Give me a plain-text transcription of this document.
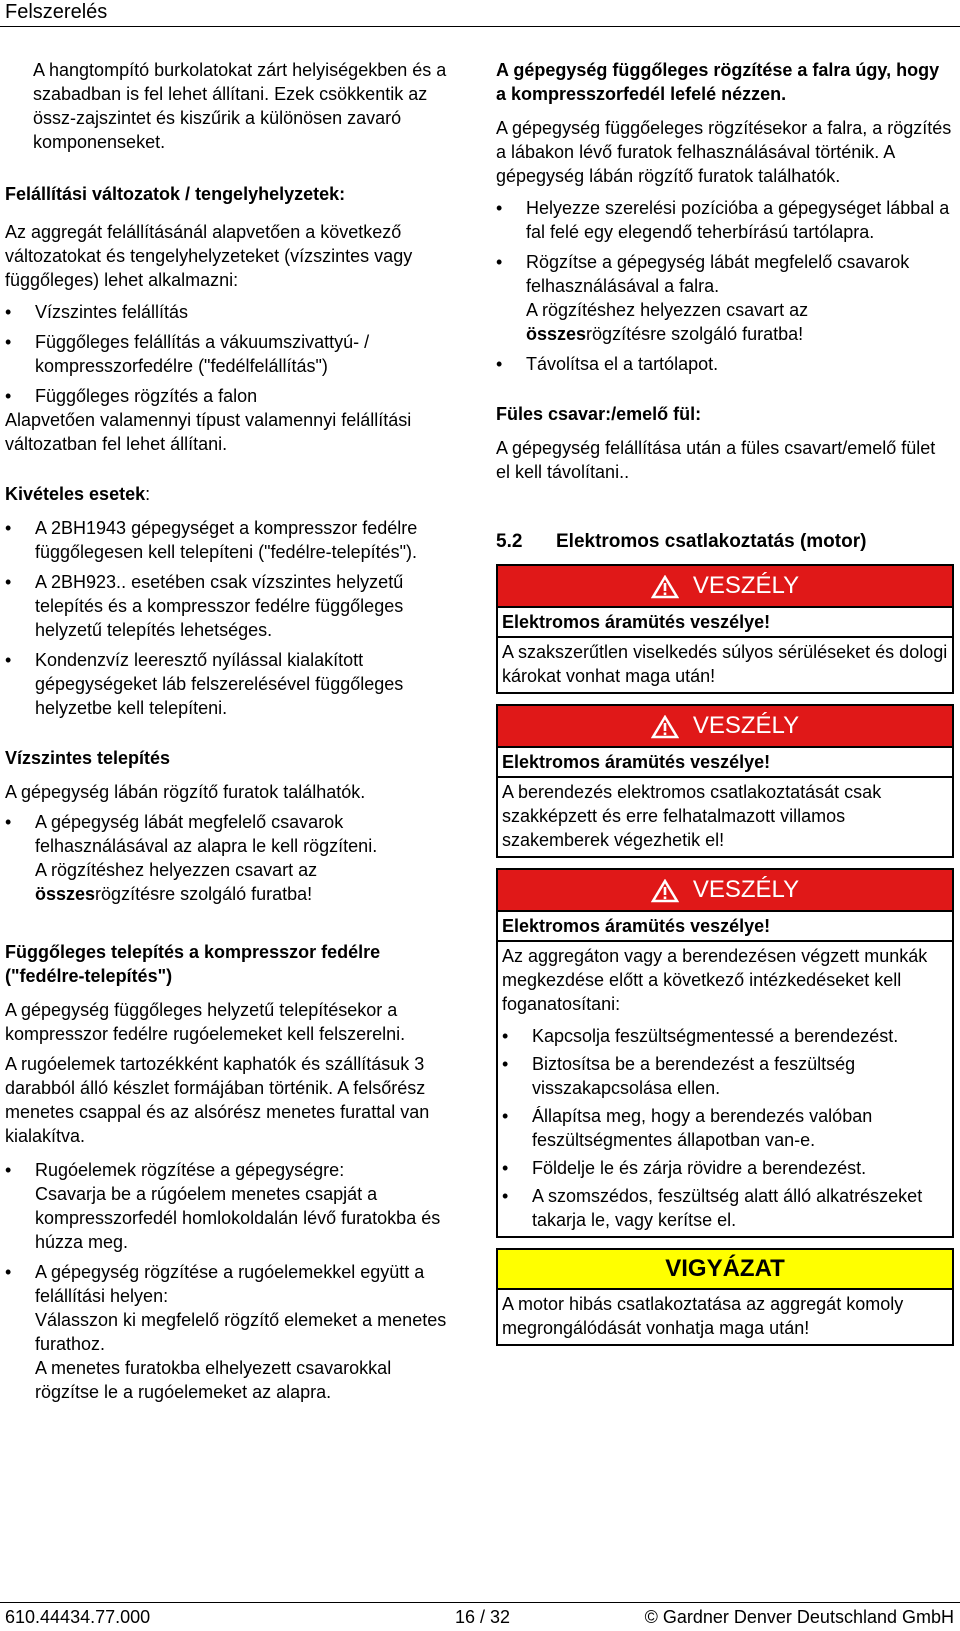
Felszerelés

A hangtompító burkolatokat zárt helyiségekben és a szabadban is fel lehet állítani. Ezek csökkentik az össz-zajszintet és kiszűrik a különösen zavaró komponenseket.

Felállítási változatok / tengelyhelyzetek:

Az aggregát felállításánál alapvetően a következő változatokat és tengelyhelyzeteket (vízszintes vagy függőleges) lehet alkalmazni:

• Vízszintes felállítás
• Függőleges felállítás a vákuumszivattyú- / kompresszorfedélre ("fedélfelállítás")
• Függőleges rögzítés a falon

Alapvetően valamennyi típust valamennyi felállítási változatban fel lehet állítani.

Kivételes esetek:

• A 2BH1943 gépegységet a kompresszor fedélre függőlegesen kell telepíteni ("fedélre-telepítés").
• A 2BH923.. esetében csak vízszintes helyzetű telepítés és a kompresszor fedélre függőleges helyzetű telepítés lehetséges.
• Kondenzvíz leeresztő nyílással kialakított gépegységeket láb felszerelésével függőleges helyzetbe kell telepíteni.

Vízszintes telepítés

A gépegység lábán rögzítő furatok találhatók.

• A gépegység lábát megfelelő csavarok felhasználásával az alapra le kell rögzíteni.
A rögzítéshez helyezzen csavart az
összesrögzítésre szolgáló furatba!

Függőleges telepítés a kompresszor fedélre ("fedélre-telepítés")

A gépegység függőleges helyzetű telepítésekor a kompresszor fedélre rugóelemeket kell felszerelni.

A rugóelemek tartozékként kaphatók és szállításuk 3 darabból álló készlet formájában történik. A felsőrész menetes csappal és az alsórész menetes furattal van kialakítva.

• Rugóelemek rögzítése a gépegységre:
Csavarja be a rúgóelem menetes csapját a kompresszorfedél homlokoldalán lévő furatokba és húzza meg.
• A gépegység rögzítése a rugóelemekkel együtt a felállítási helyen:
Válasszon ki megfelelő rögzítő elemeket a menetes furathoz.
A menetes furatokba elhelyezett csavarokkal rögzítse le a rugóelemeket az alapra.

A gépegység függőleges rögzítése a falra úgy, hogy a kompresszorfedél lefelé nézzen.

A gépegység függőeleges rögzítésekor a falra, a rögzítés a lábakon lévő furatok felhasználásával történik. A gépegység lábán rögzítő furatok találhatók.

• Helyezze szerelési pozícióba a gépegységet lábbal a fal felé egy elegendő teherbírású tartólapra.
• Rögzítse a gépegység lábát megfelelő csavarok felhasználásával a falra.
A rögzítéshez helyezzen csavart az
összesrögzítésre szolgáló furatba!
• Távolítsa el a tartólapot.

Füles csavar:/emelő fül:

A gépegység felállítása után a füles csavart/emelő fület el kell távolítani..

5.2 Elektromos csatlakoztatás (motor)

VESZÉLY
Elektromos áramütés veszélye!
A szakszerűtlen viselkedés súlyos sérüléseket és dologi károkat vonhat maga után!
VESZÉLY
Elektromos áramütés veszélye!
A berendezés elektromos csatlakoztatását csak szakképzett és erre felhatalmazott villamos szakemberek végezhetik el!
VESZÉLY
Elektromos áramütés veszélye!

Az aggregáton vagy a berendezésen végzett munkák megkezdése előtt a következő intézkedéseket kell foganatosítani:

• Kapcsolja feszültségmentessé a berendezést.
• Biztosítsa be a berendezést a feszültség visszakapcsolása ellen.
• Állapítsa meg, hogy a berendezés valóban feszültségmentes állapotban van-e.
• Földelje le és zárja rövidre a berendezést.
• A szomszédos, feszültség alatt álló alkatrészeket takarja le, vagy kerítse el.
VIGYÁZAT
A motor hibás csatlakoztatása az aggregát komoly megrongálódását vonhatja maga után!
610.44434.77.000	16 / 32	© Gardner Denver Deutschland GmbH
